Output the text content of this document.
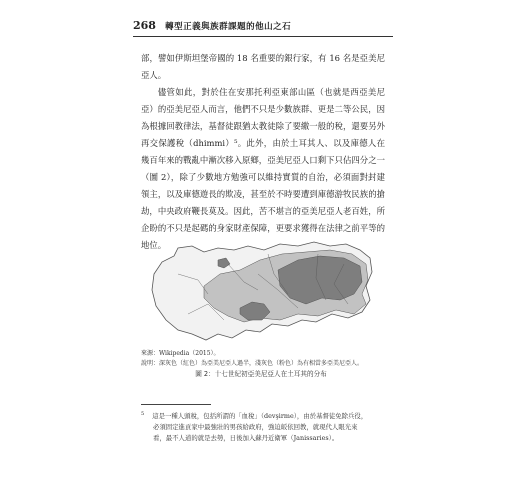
268 轉型正義與族群課題的他山之石

部，譬如伊斯坦堡帝國的 18 名重要的銀行家，有 16 名是亞美尼亞人。

儘管如此，對於住在安那托利亞東部山區（也就是西亞美尼亞）的亞美尼亞人而言，他們不只是少數族群、更是二等公民，因為根據回教律法，基督徒跟猶太教徒除了要繳一般的稅，還要另外再交保護稅（dhimmi）⁵。此外，由於土耳其人、以及庫德人在幾百年來的戰亂中漸次移入原鄉，亞美尼亞人口剩下只佔四分之一（圖 2），除了少數地方勉強可以維持實質的自治，必須面對封建領主，以及庫德遊長的欺凌，甚至於不時要遭到庫德游牧民族的搶劫，中央政府鞭長莫及。因此，苦不堪言的亞美尼亞人老百姓，所企盼的不只是起碼的身家財產保障，更要求獲得在法律之前平等的地位。

來源：Wikipedia（2015）。
說明：深灰色（紅色）為亞美尼亞人過半，淺灰色（粉色）為有相當多亞美尼亞人。
圖 2：十七世紀初亞美尼亞人在土耳其的分布
$^5$ 這是一種人頭稅，包括所謂的「血稅」（devşirme），由於基督徒免除兵役，
必須固定進貢家中最強壯的男孩給政府，強迫皈依回教，就現代人眼光來
看，最不人道的就是去勢，日後加入蘇丹近衛軍（Janissaries）。
